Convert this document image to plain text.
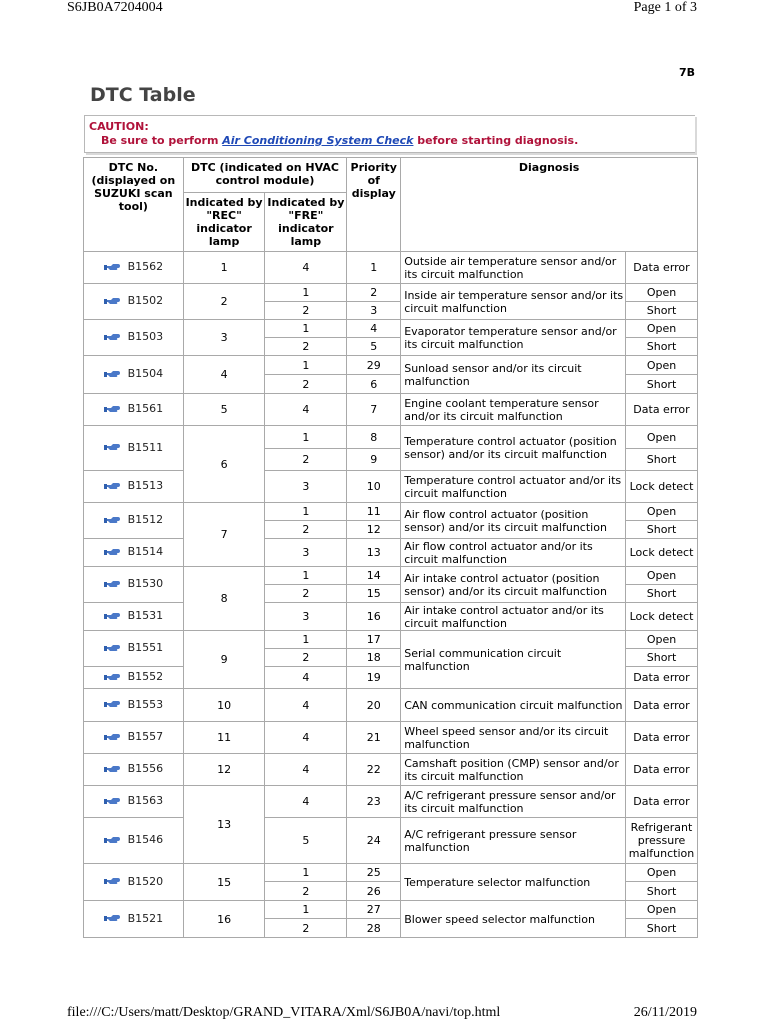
S6JB0A7204004	Page 1 of 3
7B
DTC Table
CAUTION:
Be sure to perform Air Conditioning System Check before starting diagnosis.
DTC No. (displayed on SUZUKI scan tool)	DTC (indicated on HVAC control module)		Priority of display	Diagnosis	
	Indicated by "REC" indicator lamp	Indicated by "FRE" indicator lamp			

B1562	1	4	1	Outside air temperature sensor and/or its circuit malfunction	Data error

B1502	2	1	2	Inside air temperature sensor and/or its circuit malfunction	Open
		2	3		Short

B1503	3	1	4	Evaporator temperature sensor and/or its circuit malfunction	Open
		2	5		Short

B1504	4	1	29	Sunload sensor and/or its circuit malfunction	Open
		2	6		Short

B1561	5	4	7	Engine coolant temperature sensor and/or its circuit malfunction	Data error

B1511	6	1	8	Temperature control actuator (position sensor) and/or its circuit malfunction	Open
		2	9		Short

B1513		3	10	Temperature control actuator and/or its circuit malfunction	Lock detect

B1512	7	1	11	Air flow control actuator (position sensor) and/or its circuit malfunction	Open
		2	12		Short

B1514		3	13	Air flow control actuator and/or its circuit malfunction	Lock detect

B1530	8	1	14	Air intake control actuator (position sensor) and/or its circuit malfunction	Open
		2	15		Short

B1531		3	16	Air intake control actuator and/or its circuit malfunction	Lock detect

B1551	9	1	17	Serial communication circuit malfunction	Open
		2	18		Short

B1552		4	19		Data error

B1553	10	4	20	CAN communication circuit malfunction	Data error

B1557	11	4	21	Wheel speed sensor and/or its circuit malfunction	Data error

B1556	12	4	22	Camshaft position (CMP) sensor and/or its circuit malfunction	Data error

B1563	13	4	23	A/C refrigerant pressure sensor and/or its circuit malfunction	Data error

B1546		5	24	A/C refrigerant pressure sensor malfunction	Refrigerant pressure malfunction

B1520	15	1	25	Temperature selector malfunction	Open
		2	26		Short

B1521	16	1	27	Blower speed selector malfunction	Open
		2	28		Short
file:///C:/Users/matt/Desktop/GRAND_VITARA/Xml/S6JB0A/navi/top.html	26/11/2019
